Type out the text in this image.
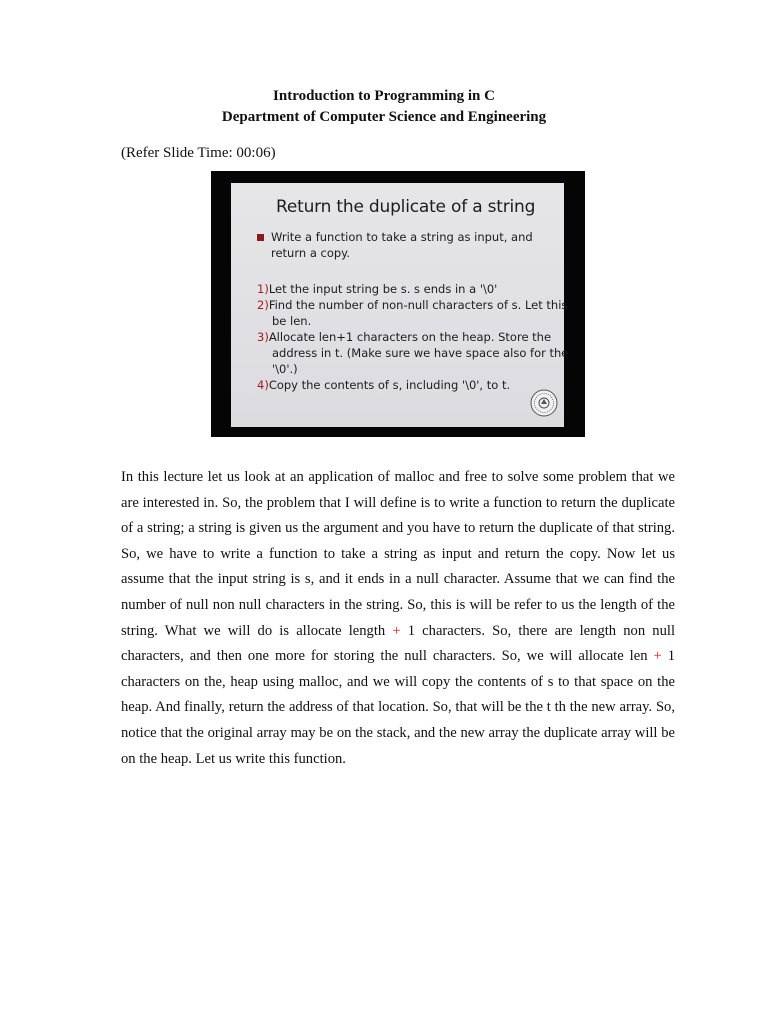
Introduction to Programming in C
Department of Computer Science and Engineering
(Refer Slide Time: 00:06)
Return the duplicate of a string
Write a function to take a string as input, and return a copy.
1)Let the input string be s. s ends in a '\0'
2)Find the number of non-null characters of s. Let this be len.
3)Allocate len+1 characters on the heap. Store the address in t. (Make sure we have space also for the '\0'.)
4)Copy the contents of s, including '\0', to t.
In this lecture let us look at an application of malloc and free to solve some problem that we are interested in. So, the problem that I will define is to write a function to return the duplicate of a string; a string is given us the argument and you have to return the duplicate of that string. So, we have to write a function to take a string as input and return the copy. Now let us assume that the input string is s, and it ends in a null character. Assume that we can find the number of null non null characters in the string. So, this is will be refer to us the length of the string. What we will do is allocate length + 1 characters. So, there are length non null characters, and then one more for storing the null characters. So, we will allocate len + 1 characters on the, heap using malloc, and we will copy the contents of s to that space on the heap. And finally, return the address of that location. So, that will be the t th the new array. So, notice that the original array may be on the stack, and the new array the duplicate array will be on the heap. Let us write this function.
